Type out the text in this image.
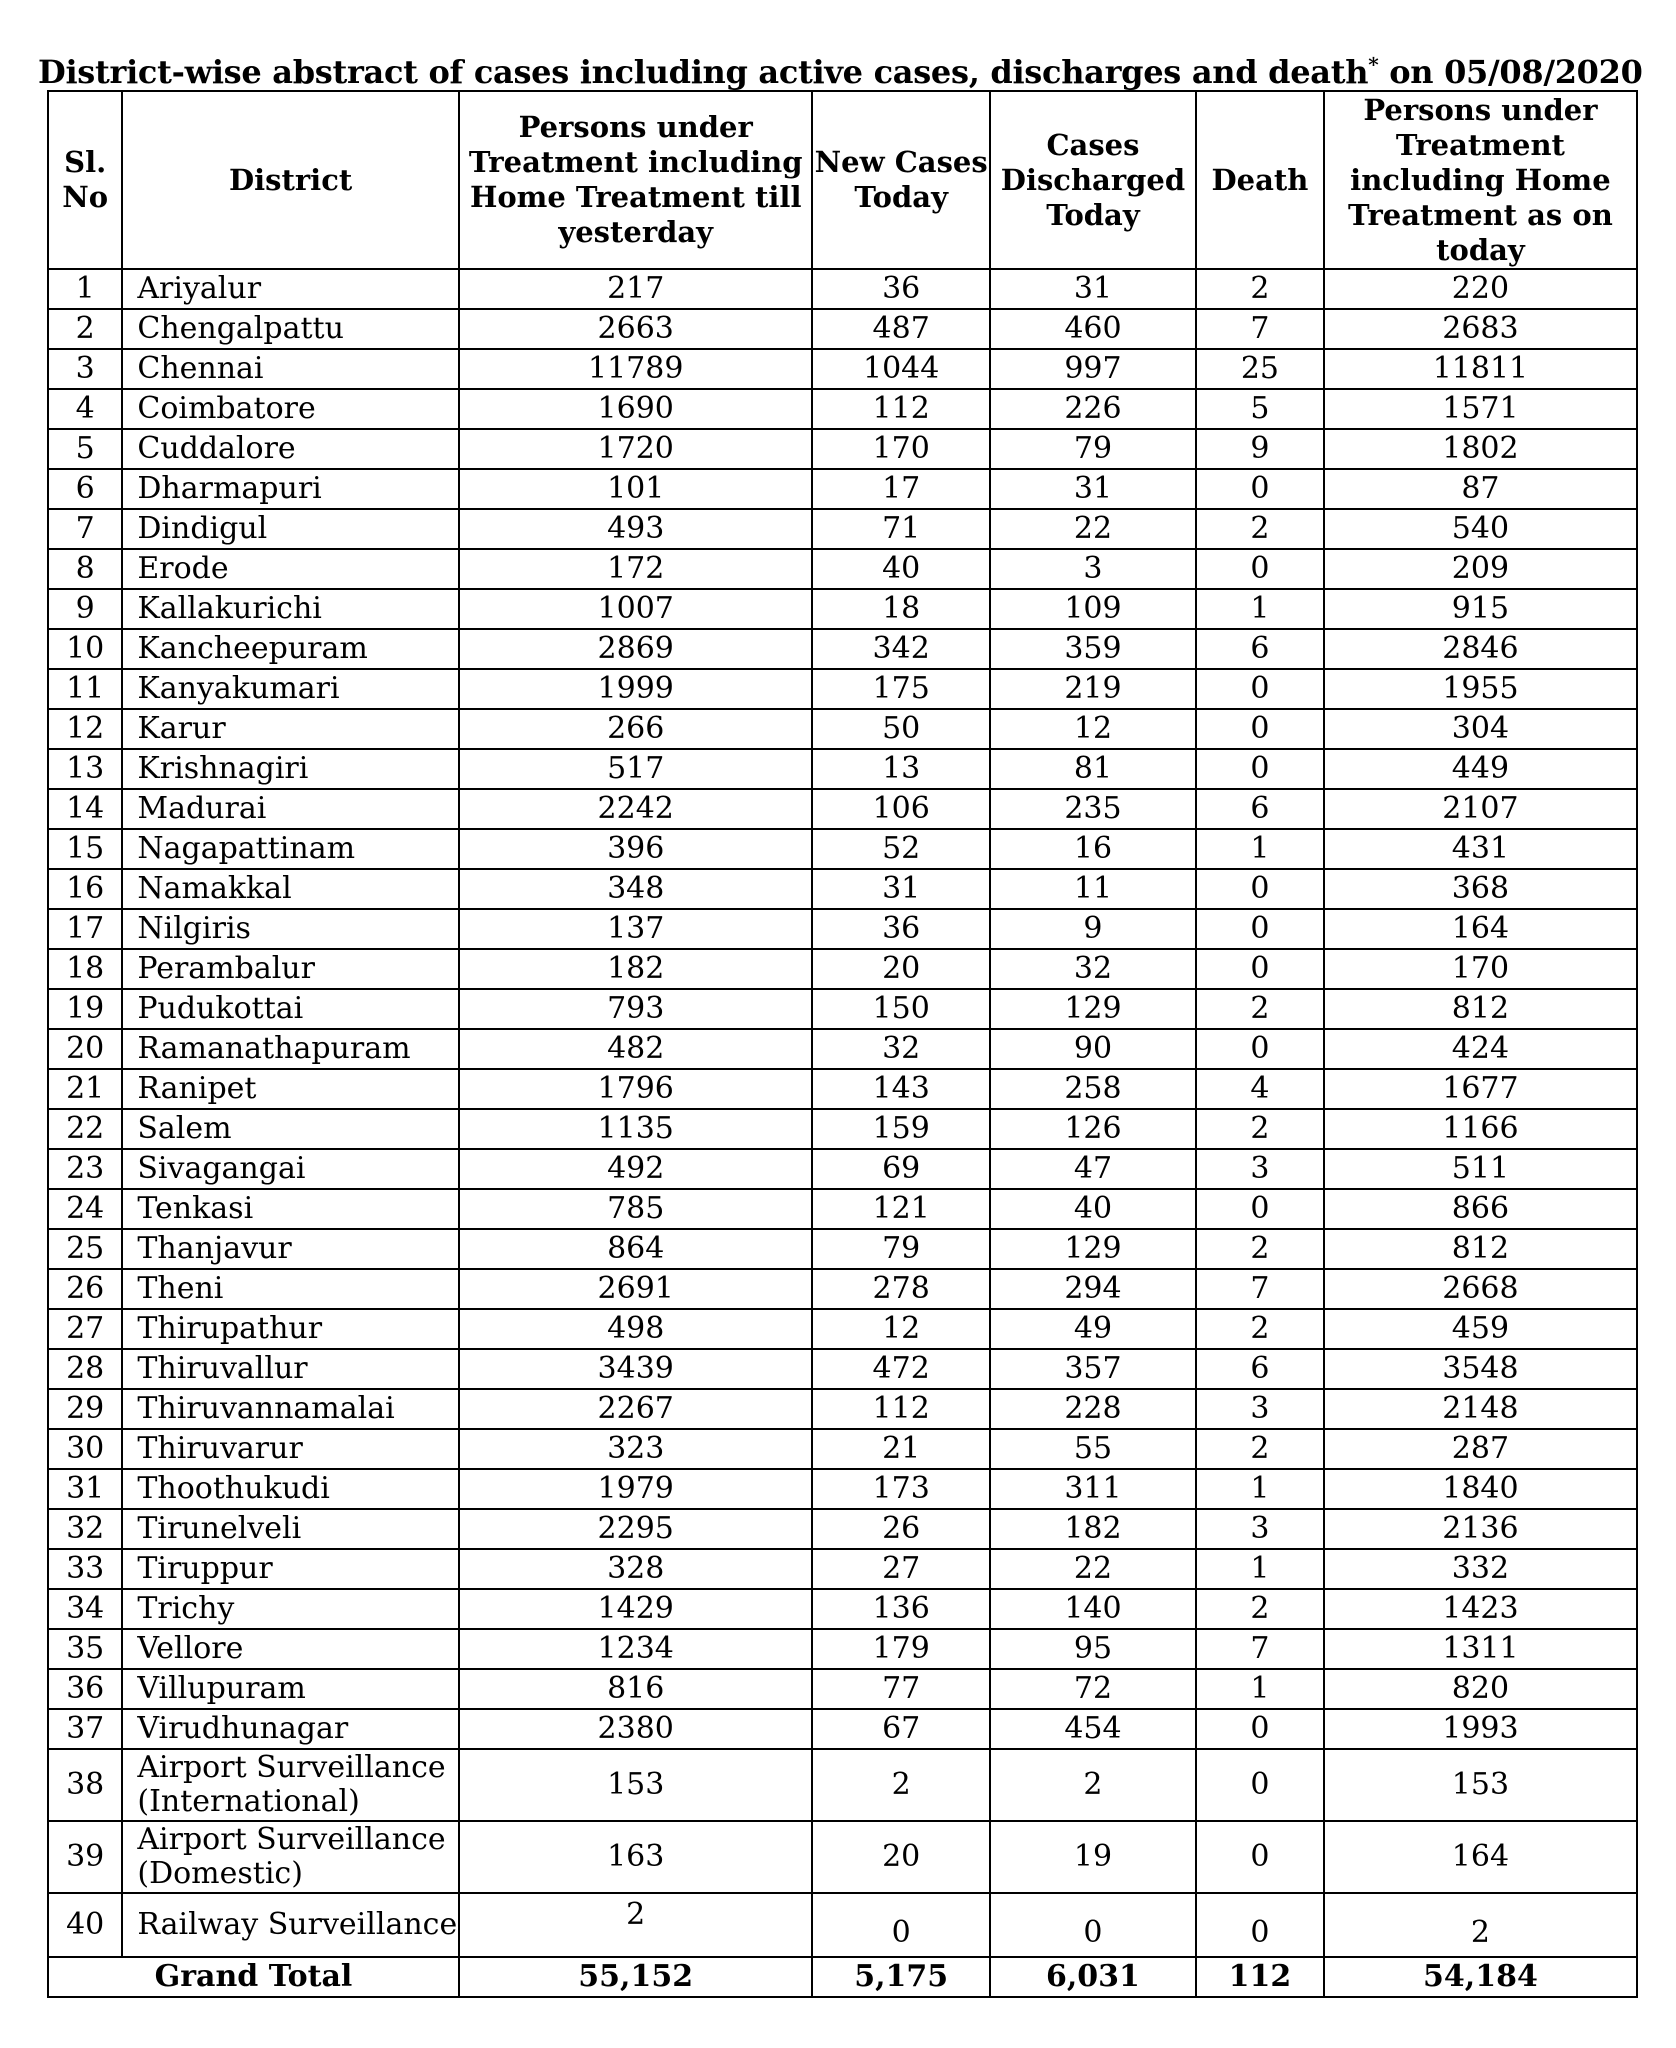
District-wise abstract of cases including active cases, discharges and death* on 05/08/2020
Sl. No	District	Persons under Treatment including Home Treatment till yesterday	New Cases Today	Cases Discharged Today	Death	Persons under Treatment including Home Treatment as on today
1	Ariyalur	217	36	31	2	220
2	Chengalpattu	2663	487	460	7	2683
3	Chennai	11789	1044	997	25	11811
4	Coimbatore	1690	112	226	5	1571
5	Cuddalore	1720	170	79	9	1802
6	Dharmapuri	101	17	31	0	87
7	Dindigul	493	71	22	2	540
8	Erode	172	40	3	0	209
9	Kallakurichi	1007	18	109	1	915
10	Kancheepuram	2869	342	359	6	2846
11	Kanyakumari	1999	175	219	0	1955
12	Karur	266	50	12	0	304
13	Krishnagiri	517	13	81	0	449
14	Madurai	2242	106	235	6	2107
15	Nagapattinam	396	52	16	1	431
16	Namakkal	348	31	11	0	368
17	Nilgiris	137	36	9	0	164
18	Perambalur	182	20	32	0	170
19	Pudukottai	793	150	129	2	812
20	Ramanathapuram	482	32	90	0	424
21	Ranipet	1796	143	258	4	1677
22	Salem	1135	159	126	2	1166
23	Sivagangai	492	69	47	3	511
24	Tenkasi	785	121	40	0	866
25	Thanjavur	864	79	129	2	812
26	Theni	2691	278	294	7	2668
27	Thirupathur	498	12	49	2	459
28	Thiruvallur	3439	472	357	6	3548
29	Thiruvannamalai	2267	112	228	3	2148
30	Thiruvarur	323	21	55	2	287
31	Thoothukudi	1979	173	311	1	1840
32	Tirunelveli	2295	26	182	3	2136
33	Tiruppur	328	27	22	1	332
34	Trichy	1429	136	140	2	1423
35	Vellore	1234	179	95	7	1311
36	Villupuram	816	77	72	1	820
37	Virudhunagar	2380	67	454	0	1993
38	Airport Surveillance (International)	153	2	2	0	153
39	Airport Surveillance (Domestic)	163	20	19	0	164
40	Railway Surveillance	2	0	0	0	2
Grand Total		55,152	5,175	6,031	112	54,184
